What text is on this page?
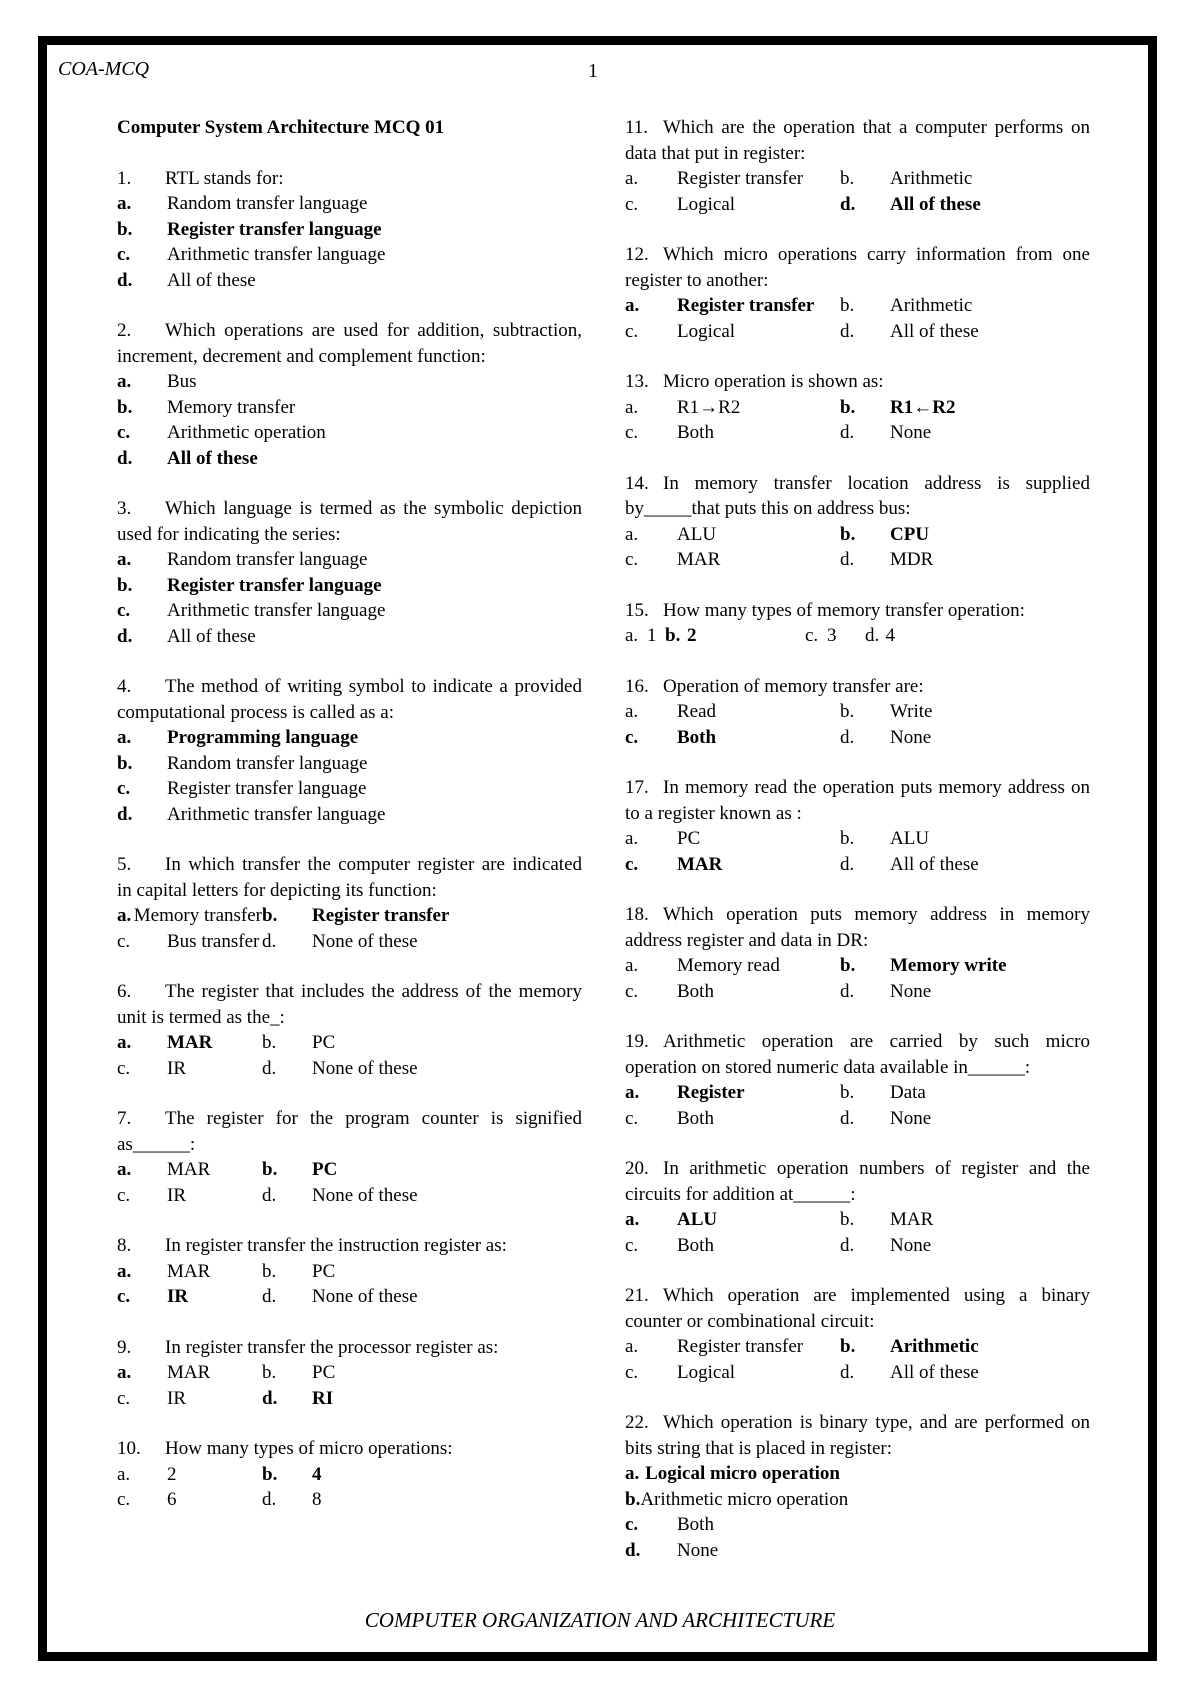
COA-MCQ	1
Computer System Architecture MCQ 01
1. RTL stands for:
a.	Random transfer language
b.	Register transfer language
c.	Arithmetic transfer language
d.	All of these
2. Which operations are used for addition, subtraction, increment, decrement and complement function:
a.	Bus
b.	Memory transfer
c.	Arithmetic operation
d.	All of these
3. Which language is termed as the symbolic depiction used for indicating the series:
a.	Random transfer language
b.	Register transfer language
c.	Arithmetic transfer language
d.	All of these
4. The method of writing symbol to indicate a provided computational process is called as a:
a.	Programming language
b.	Random transfer language
c.	Register transfer language
d.	Arithmetic transfer language
5. In which transfer the computer register are indicated in capital letters for depicting its function:
a. Memory transfer b.	Register transfer
c.	Bus transfer d.	None of these
6. The register that includes the address of the memory unit is termed as the_:
a.	MAR	b.	PC
c.	IR	d.	None of these
7. The register for the program counter is signified as______:
a.	MAR	b.	PC
c.	IR	d.	None of these
8. In register transfer the instruction register as:
a.	MAR	b.	PC
c.	IR	d.	None of these
9. In register transfer the processor register as:
a.	MAR	b.	PC
c.	IR	d.	RI
10. How many types of micro operations:
a.	2	b.	4
c.	6	d.	8
11. Which are the operation that a computer performs on data that put in register:
a.	Register transfer b.	Arithmetic
c.	Logical	d.	All of these
12. Which micro operations carry information from one register to another:
a.	Register transfer b.	Arithmetic
c.	Logical	d.	All of these
13. Micro operation is shown as:
a.	R1→R2	b.	R1←R2
c.	Both	d.	None
14. In memory transfer location address is supplied by_____that puts this on address bus:
a.	ALU	b.	CPU
c.	MAR	d.	MDR
15. How many types of memory transfer operation:
a. 1 b. 2	c. 3 d. 4
16. Operation of memory transfer are:
a.	Read	b.	Write
c.	Both	d.	None
17. In memory read the operation puts memory address on to a register known as :
a.	PC	b.	ALU
c.	MAR	d.	All of these
18. Which operation puts memory address in memory address register and data in DR:
a.	Memory read	b.	Memory write
c.	Both	d.	None
19. Arithmetic operation are carried by such micro operation on stored numeric data available in______:
a.	Register	b.	Data
c.	Both	d.	None
20. In arithmetic operation numbers of register and the circuits for addition at______:
a.	ALU	b.	MAR
c.	Both	d.	None
21. Which operation are implemented using a binary counter or combinational circuit:
a.	Register transfer b.	Arithmetic
c.	Logical	d.	All of these
22. Which operation is binary type, and are performed on bits string that is placed in register:
a. Logical micro operation
b. Arithmetic micro operation
c.	Both
d.	None
COMPUTER ORGANIZATION AND ARCHITECTURE
